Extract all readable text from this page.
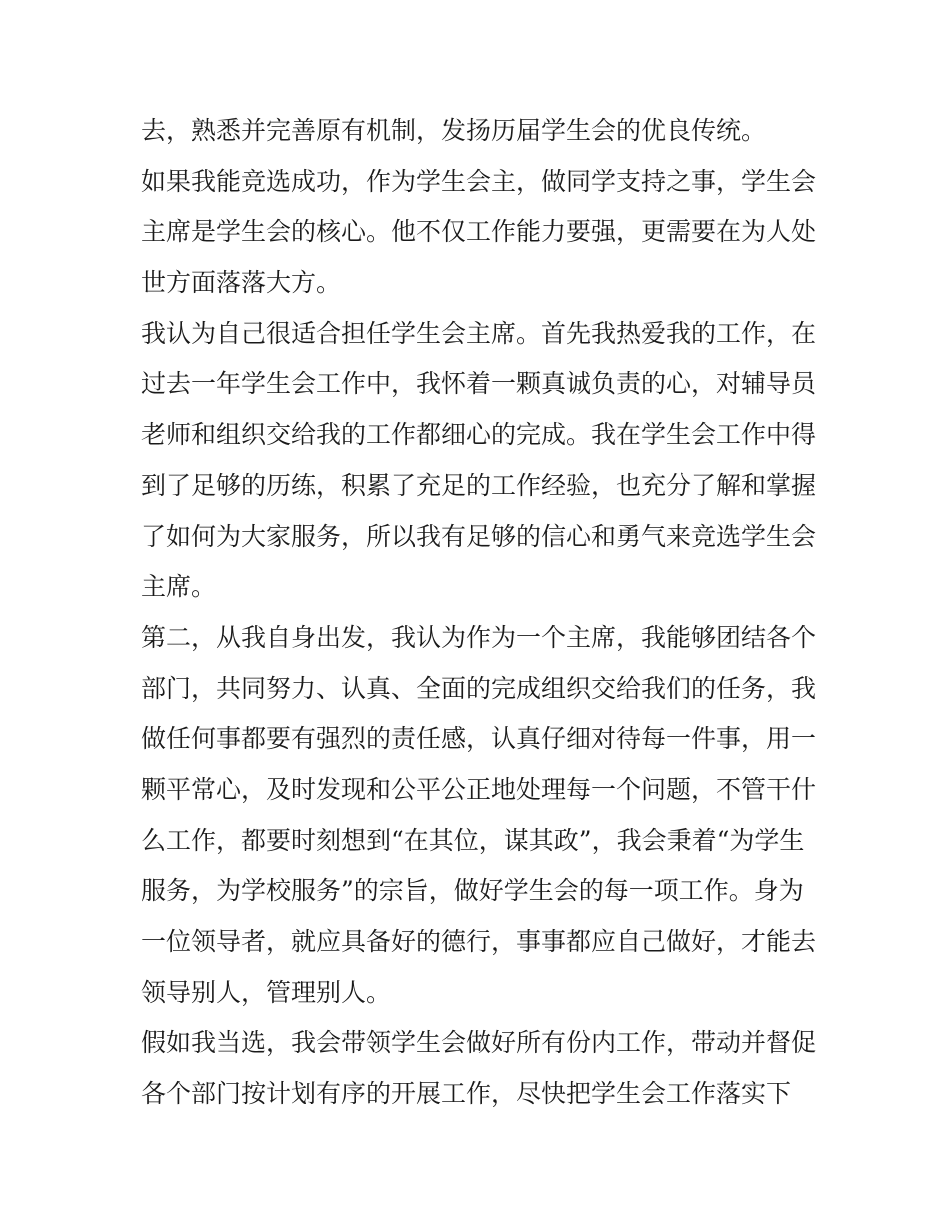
去，熟悉并完善原有机制，发扬历届学生会的优良传统。
如果我能竞选成功，作为学生会主，做同学支持之事，学生会
主席是学生会的核心。他不仅工作能力要强，更需要在为人处
世方面落落大方。
我认为自己很适合担任学生会主席。首先我热爱我的工作，在
过去一年学生会工作中，我怀着一颗真诚负责的心，对辅导员
老师和组织交给我的工作都细心的完成。我在学生会工作中得
到了足够的历练，积累了充足的工作经验，也充分了解和掌握
了如何为大家服务，所以我有足够的信心和勇气来竞选学生会
主席。
第二，从我自身出发，我认为作为一个主席，我能够团结各个
部门，共同努力、认真、全面的完成组织交给我们的任务，我
做任何事都要有强烈的责任感，认真仔细对待每一件事，用一
颗平常心，及时发现和公平公正地处理每一个问题，不管干什
么工作，都要时刻想到“在其位，谋其政”，我会秉着“为学生
服务，为学校服务”的宗旨，做好学生会的每一项工作。身为
一位领导者，就应具备好的德行，事事都应自己做好，才能去
领导别人，管理别人。
假如我当选，我会带领学生会做好所有份内工作，带动并督促
各个部门按计划有序的开展工作，尽快把学生会工作落实下
